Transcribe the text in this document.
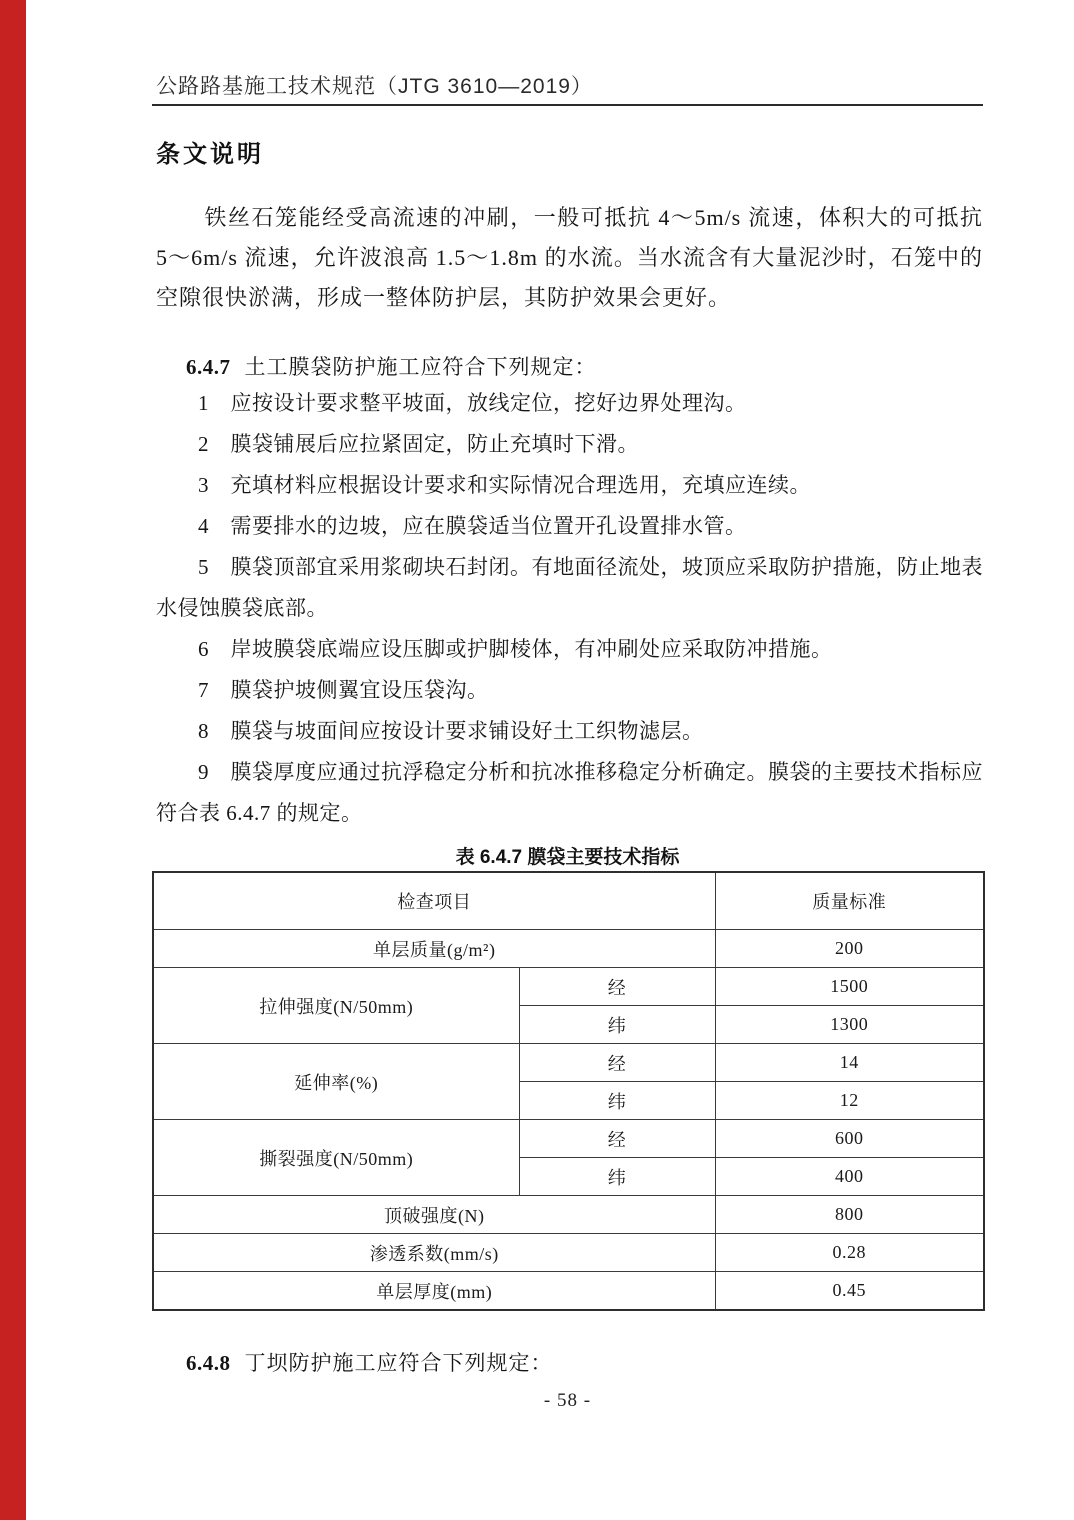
公路路基施工技术规范（JTG 3610—2019）
条文说明

铁丝石笼能经受高流速的冲刷，一般可抵抗 4～5m/s 流速，体积大的可抵抗 5～6m/s 流速，允许波浪高 1.5～1.8m 的水流。当水流含有大量泥沙时，石笼中的空隙很快淤满，形成一整体防护层，其防护效果会更好。

6.4.7 土工膜袋防护施工应符合下列规定：

1　应按设计要求整平坡面，放线定位，挖好边界处理沟。

2　膜袋铺展后应拉紧固定，防止充填时下滑。

3　充填材料应根据设计要求和实际情况合理选用，充填应连续。

4　需要排水的边坡，应在膜袋适当位置开孔设置排水管。

5　膜袋顶部宜采用浆砌块石封闭。有地面径流处，坡顶应采取防护措施，防止地表水侵蚀膜袋底部。

6　岸坡膜袋底端应设压脚或护脚棱体，有冲刷处应采取防冲措施。

7　膜袋护坡侧翼宜设压袋沟。

8　膜袋与坡面间应按设计要求铺设好土工织物滤层。

9　膜袋厚度应通过抗浮稳定分析和抗冰推移稳定分析确定。膜袋的主要技术指标应符合表 6.4.7 的规定。

表 6.4.7 膜袋主要技术指标
检查项目		质量标准
单层质量(g/m²)		200
拉伸强度(N/50mm)	经	1500
	纬	1300
延伸率(%)	经	14
	纬	12
撕裂强度(N/50mm)	经	600
	纬	400
顶破强度(N)		800
渗透系数(mm/s)		0.28
单层厚度(mm)		0.45
6.4.8 丁坝防护施工应符合下列规定：
- 58 -
